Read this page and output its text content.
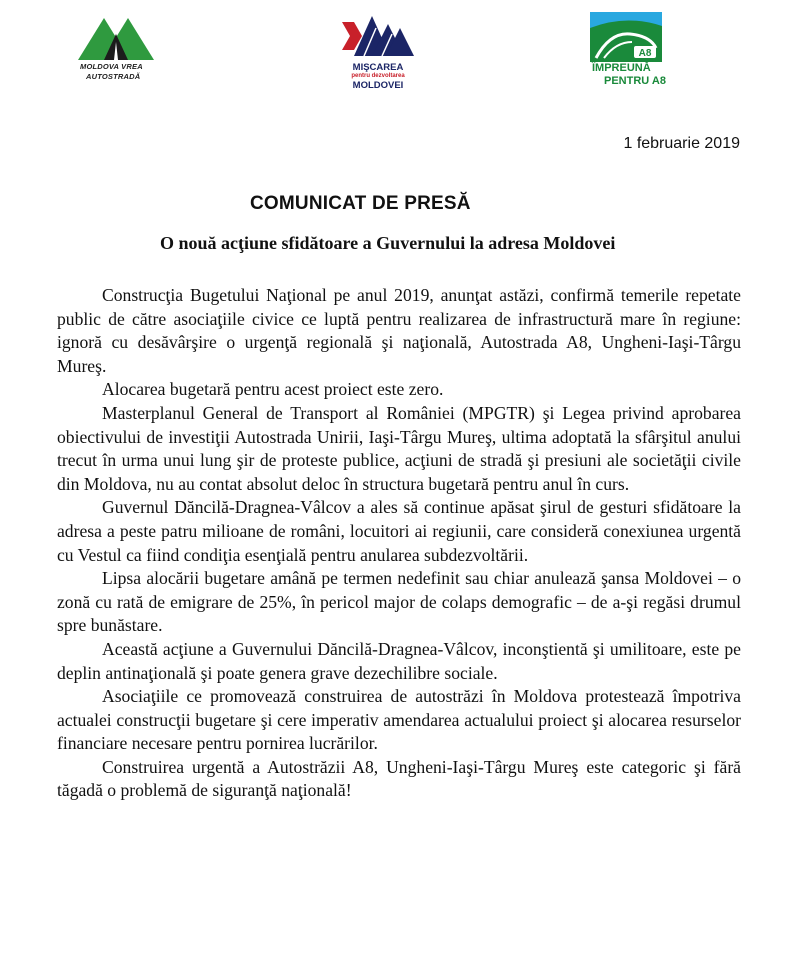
MOLDOVA VREA
AUTOSTRADĂ
MIŞCAREA
pentru dezvoltarea
MOLDOVEI
A8
ÎMPREUNĂ
PENTRU A8
1 februarie 2019
COMUNICAT DE PRESĂ
O nouă acţiune sfidătoare a Guvernului la adresa Moldovei

Construcţia Bugetului Naţional pe anul 2019, anunţat astăzi, confirmă temerile repetate public de către asociaţiile civice ce luptă pentru realizarea de infrastructură mare în regiune: ignoră cu desăvârşire o urgenţă regională şi naţională, Autostrada A8, Ungheni-Iaşi-Târgu Mureş.

Alocarea bugetară pentru acest proiect este zero.

Masterplanul General de Transport al României (MPGTR) şi Legea privind aprobarea obiectivului de investiţii Autostrada Unirii, Iaşi-Târgu Mureş, ultima adoptată la sfârşitul anului trecut în urma unui lung şir de proteste publice, acţiuni de stradă şi presiuni ale societăţii civile din Moldova, nu au contat absolut deloc în structura bugetară pentru anul în curs.

Guvernul Dăncilă-Dragnea-Vâlcov a ales să continue apăsat şirul de gesturi sfidătoare la adresa a peste patru milioane de români, locuitori ai regiunii, care consideră conexiunea urgentă cu Vestul ca fiind condiţia esenţială pentru anularea subdezvoltării.

Lipsa alocării bugetare amână pe termen nedefinit sau chiar anulează şansa Moldovei – o zonă cu rată de emigrare de 25%, în pericol major de colaps demografic – de a-şi regăsi drumul spre bunăstare.

Această acţiune a Guvernului Dăncilă-Dragnea-Vâlcov, inconştientă şi umilitoare, este pe deplin antinaţională şi poate genera grave dezechilibre sociale.

Asociaţiile ce promovează construirea de autostrăzi în Moldova protestează împotriva actualei construcţii bugetare şi cere imperativ amendarea actualului proiect şi alocarea resurselor financiare necesare pentru pornirea lucrărilor.

Construirea urgentă a Autostrăzii A8, Ungheni-Iaşi-Târgu Mureş este categoric şi fără tăgadă o problemă de siguranţă naţională!
